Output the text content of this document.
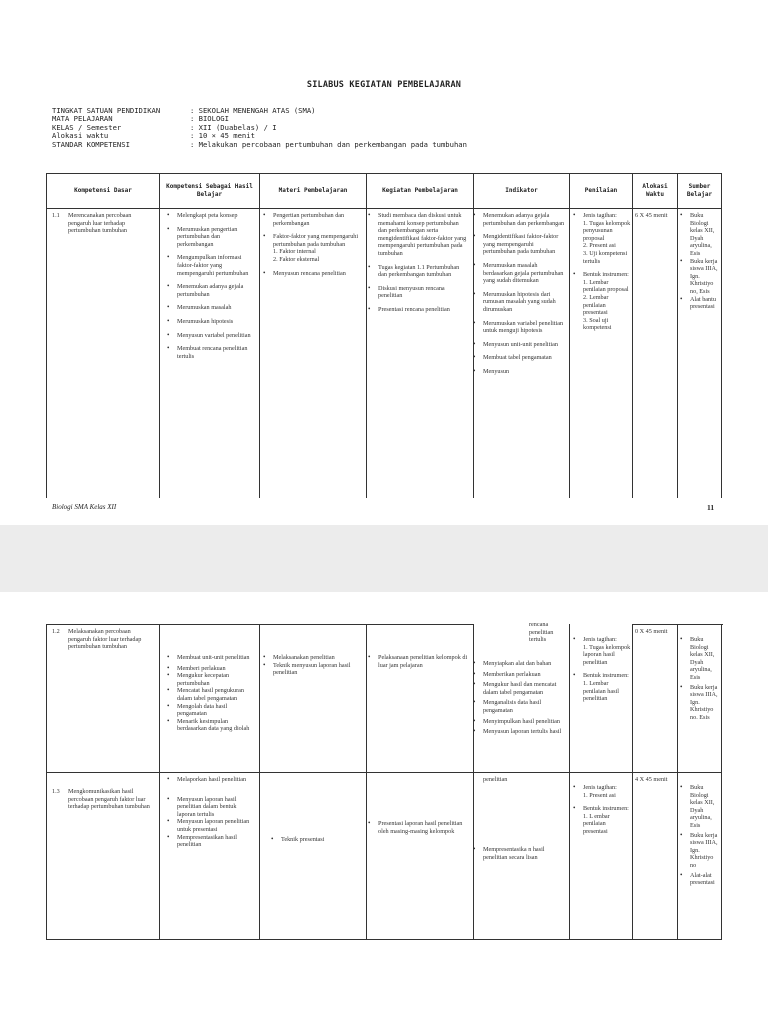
SILABUS KEGIATAN PEMBELAJARAN
TINGKAT SATUAN PENDIDIKAN	: SEKOLAH MENENGAH ATAS (SMA)
MATA PELAJARAN	: BIOLOGI
KELAS / Semester	: XII (Duabelas) / I
Alokasi waktu	: 10 × 45 menit
STANDAR KOMPETENSI	: Melakukan percobaan pertumbuhan dan perkembangan pada tumbuhan
Kompetensi Dasar
Kompetensi Sebagai Hasil Belajar
Materi Pembelajaran	Kegiatan Pembelajaran	Indikator	Penilaian
Alokasi Waktu
Sumber Belajar
1.1	Merencanakan percobaan pengaruh luar terhadap pertumbuhan tumbuhan
• Melengkapi peta konsep
• Merumuskan pengertian pertumbuhan dan perkembangan
• Mengumpulkan informasi faktor-faktor yang mempengaruhi pertumbuhan
• Menemukan adanya gejala pertumbuhan
• Merumuskan masalah
• Merumuskan hipotesis
• Menyusun variabel penelitian
• Membuat rencana penelitian tertulis
• Pengertian pertumbuhan dan perkembangan
• Faktor-faktor yang mempengaruhi pertumbuhan pada tumbuhan
1. Faktor internal
2. Faktor eksternal
• Menyusun rencana penelitian
• Studi membaca dan diskusi untuk memahami konsep pertumbuhan dan perkembangan serta mengidentifikasi faktor-faktor yang mempengaruhi pertumbuhan pada tumbuhan
• Tugas kegiatan 1.1 Pertumbuhan dan perkembangan tumbuhan
• Diskusi menyusun rencana penelitian
• Presentasi rencana penelitian
• Menemukan adanya gejala pertumbuhan dan perkembangan
• Mengidentifikasi faktor-faktor yang mempengaruhi pertumbuhan pada tumbuhan
• Merumuskan masalah berdasarkan gejala pertumbuhan yang sudah ditemukan
• Merumuskan hipotesis dari rumusan masalah yang sudah dirumuskan
• Merumuskan variabel penelitian untuk menguji hipotesis
• Menyusun unit-unit penelitian
• Membuat tabel pengamatan
• Menyusun
• Jenis tagihan:
1. Tugas kelompok penyusunan proposal
2. Present asi
3. Uji kompetensi tertulis
• Bentuk instrumen:
1. Lembar penilaian proposal
2. Lembar penilaian presentasi
3. Soal uji kompetensi
6 X 45 menit
•	Buku Biologi kelas XII, Dyah aryulina, Esis
• Buku kerja siswa IIIA, Ign. Khristiyo no, Esis
• Alat bantu presentasi
Biologi SMA Kelas XII	11
1.2	Melaksanakan percobaan pengaruh faktor luar terhadap pertumbuhan tumbuhan
• Membuat unit-unit penelitian
• Memberi perlakuan
• Mengukur kecepatan pertumbuhan
• Mencatat hasil pengukuran dalam tabel pengamatan
• Mengolah data hasil pengamatan
• Menarik kesimpulan berdasarkan data yang diolah
• Melaksanakan penelitian
• Teknik menyusun laporan hasil penelitian
• Pelaksanaan penelitian kelompok di luar jam pelajaran
rencana penelitian tertulis
• Menyiapkan alat dan bahan
• Memberikan perlakuan
• Mengukur hasil dan mencatat dalam tabel pengamatan
• Menganalisis data hasil pengamatan
• Menyimpulkan hasil penelitian
• Menyusun laporan tertulis hasil
• Jenis tagihan:
1. Tugas kelompok laporan hasil penelitian
• Bentuk instrumen:
1. Lembar penilaian hasil penelitian
0 X 45 menit
• Buku Biologi kelas XII, Dyah aryulina, Esis
• Buku kerja siswa IIIA, Ign. Khristiyo no. Esis
penelitian
1.3	Mengkomunikasikan hasil percobaan pengaruh faktor luar terhadap pertumbuhan tumbuhan
• Melaporkan hasil penelitian
• Menyusun laporan hasil penelitian dalam bentuk laporan tertulis
• Menyusun laporan penelitian untuk presentasi
• Mempresentasikan hasil penelitian
• Teknik presentasi
• Presentasi laporan hasil penelitian oleh masing-masing kelompok
• Mempresentasika n hasil penelitian secara lisan
• Jenis tagihan:
1. Present asi
• Bentuk instrumen:
1. L embar penilaian presentasi
4 X 45 menit
• Buku Biologi kelas XII, Dyah aryulina, Esis
• Buku kerja siswa IIIA, Ign. Khristiyo no
• Alat-alat presentasi
